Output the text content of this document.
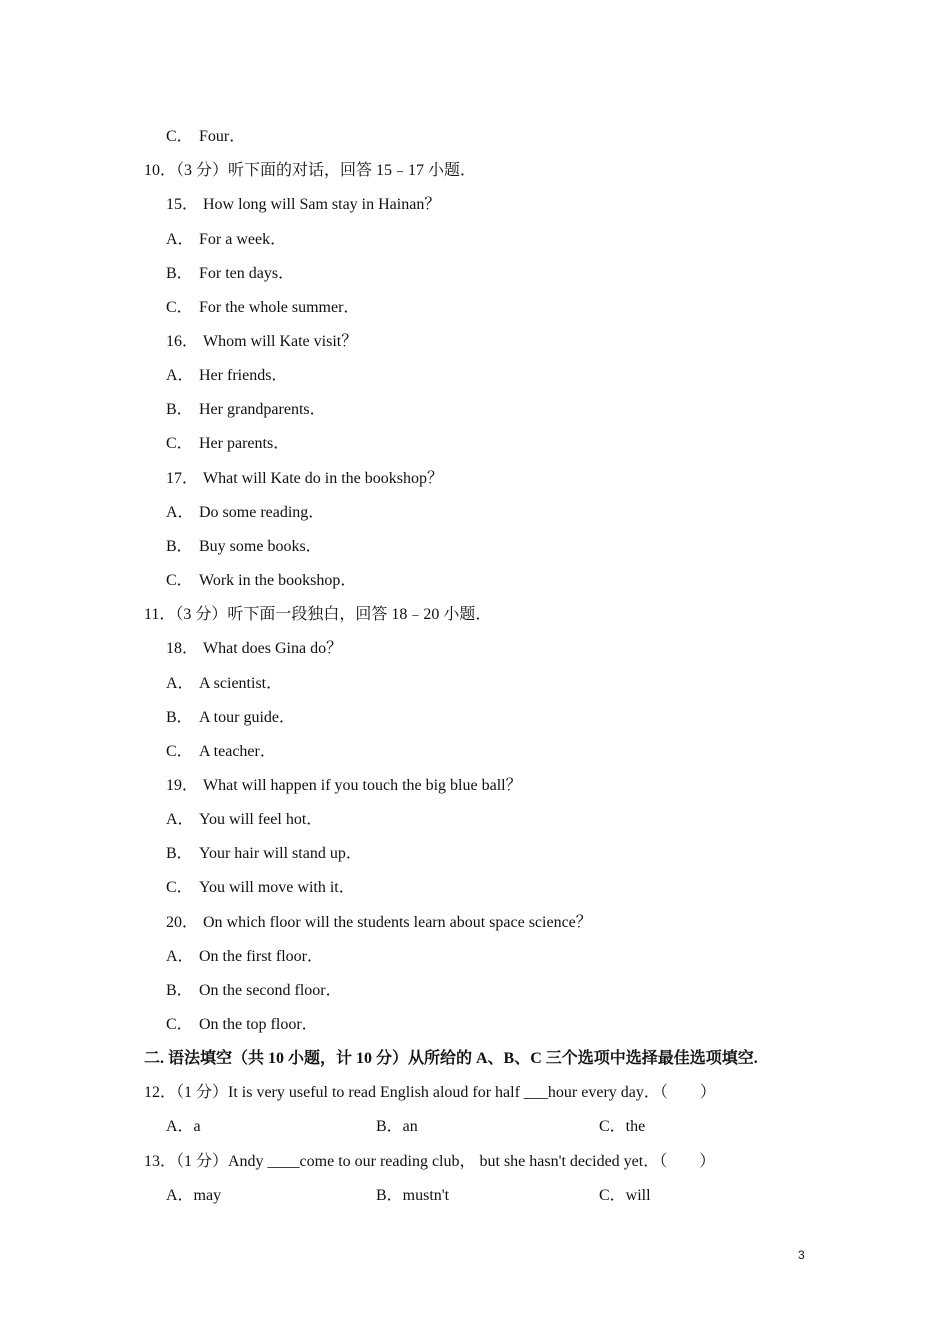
C． Four．
10．（3 分）听下面的对话，回答 15﹣17 小题．
15． How long will Sam stay in Hainan？
A． For a week．
B． For ten days．
C． For the whole summer．
16． Whom will Kate visit？
A． Her friends．
B． Her grandparents．
C． Her parents．
17． What will Kate do in the bookshop？
A． Do some reading．
B． Buy some books．
C． Work in the bookshop．
11．（3 分）听下面一段独白，回答 18﹣20 小题．
18． What does Gina do？
A． A scientist．
B． A tour guide．
C． A teacher．
19． What will happen if you touch the big blue ball？
A． You will feel hot．
B． Your hair will stand up．
C． You will move with it．
20． On which floor will the students learn about space science？
A． On the first floor．
B． On the second floor．
C． On the top floor．
二. 语法填空（共 10 小题，计 10 分）从所给的 A、B、C 三个选项中选择最佳选项填空.
12．（1 分）It is very useful to read English aloud for half ___hour every day．（　　）
A．a	B．an	C．the
13．（1 分）Andy ____come to our reading club， but she hasn't decided yet．（　　）
A．may	B．mustn't	C．will
3
